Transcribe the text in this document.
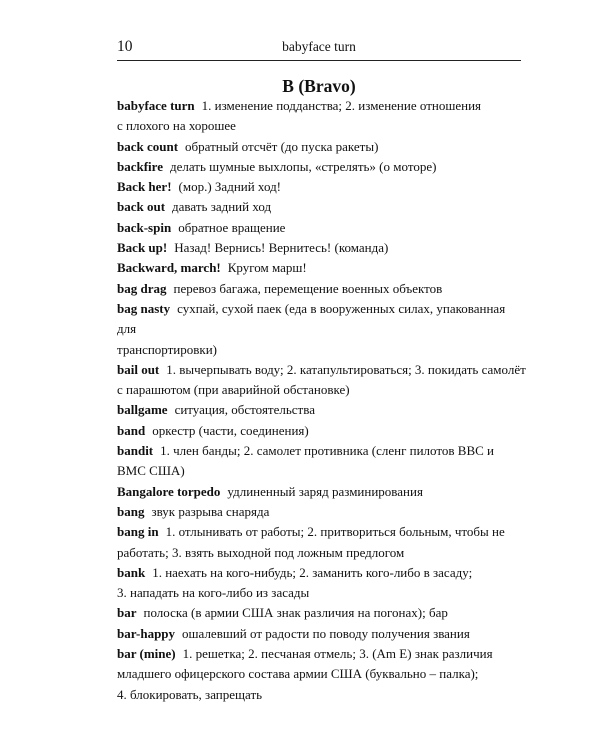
10	babyface turn
B (Bravo)

babyface turn 1. изменение подданства; 2. изменение отношения

с плохого на хорошее

back count обратный отсчёт (до пуска ракеты)

backfire делать шумные выхлопы, «стрелять» (о моторе)

Back her! (мор.) Задний ход!

back out давать задний ход

back-spin обратное вращение

Back up! Назад! Вернись! Вернитесь! (команда)

Backward, march! Кругом марш!

bag drag перевоз багажа, перемещение военных объектов

bag nasty сухпай, сухой паек (еда в вооруженных силах, упакованная для

транспортировки)

bail out 1. вычерпывать воду; 2. катапультироваться; 3. покидать самолёт

с парашютом (при аварийной обстановке)

ballgame ситуация, обстоятельства

band оркестр (части, соединения)

bandit 1. член банды; 2. самолет противника (сленг пилотов ВВС и

ВМС США)

Bangalore torpedo удлиненный заряд разминирования

bang звук разрыва снаряда

bang in 1. отлынивать от работы; 2. притвориться больным, чтобы не

работать; 3. взять выходной под ложным предлогом

bank 1. наехать на кого-нибудь; 2. заманить кого-либо в засаду;

3. нападать на кого-либо из засады

bar полоска (в армии США знак различия на погонах); бар

bar-happy ошалевший от радости по поводу получения звания

bar (mine) 1. решетка; 2. песчаная отмель; 3. (Am E) знак различия

младшего офицерского состава армии США (буквально – палка);

4. блокировать, запрещать
